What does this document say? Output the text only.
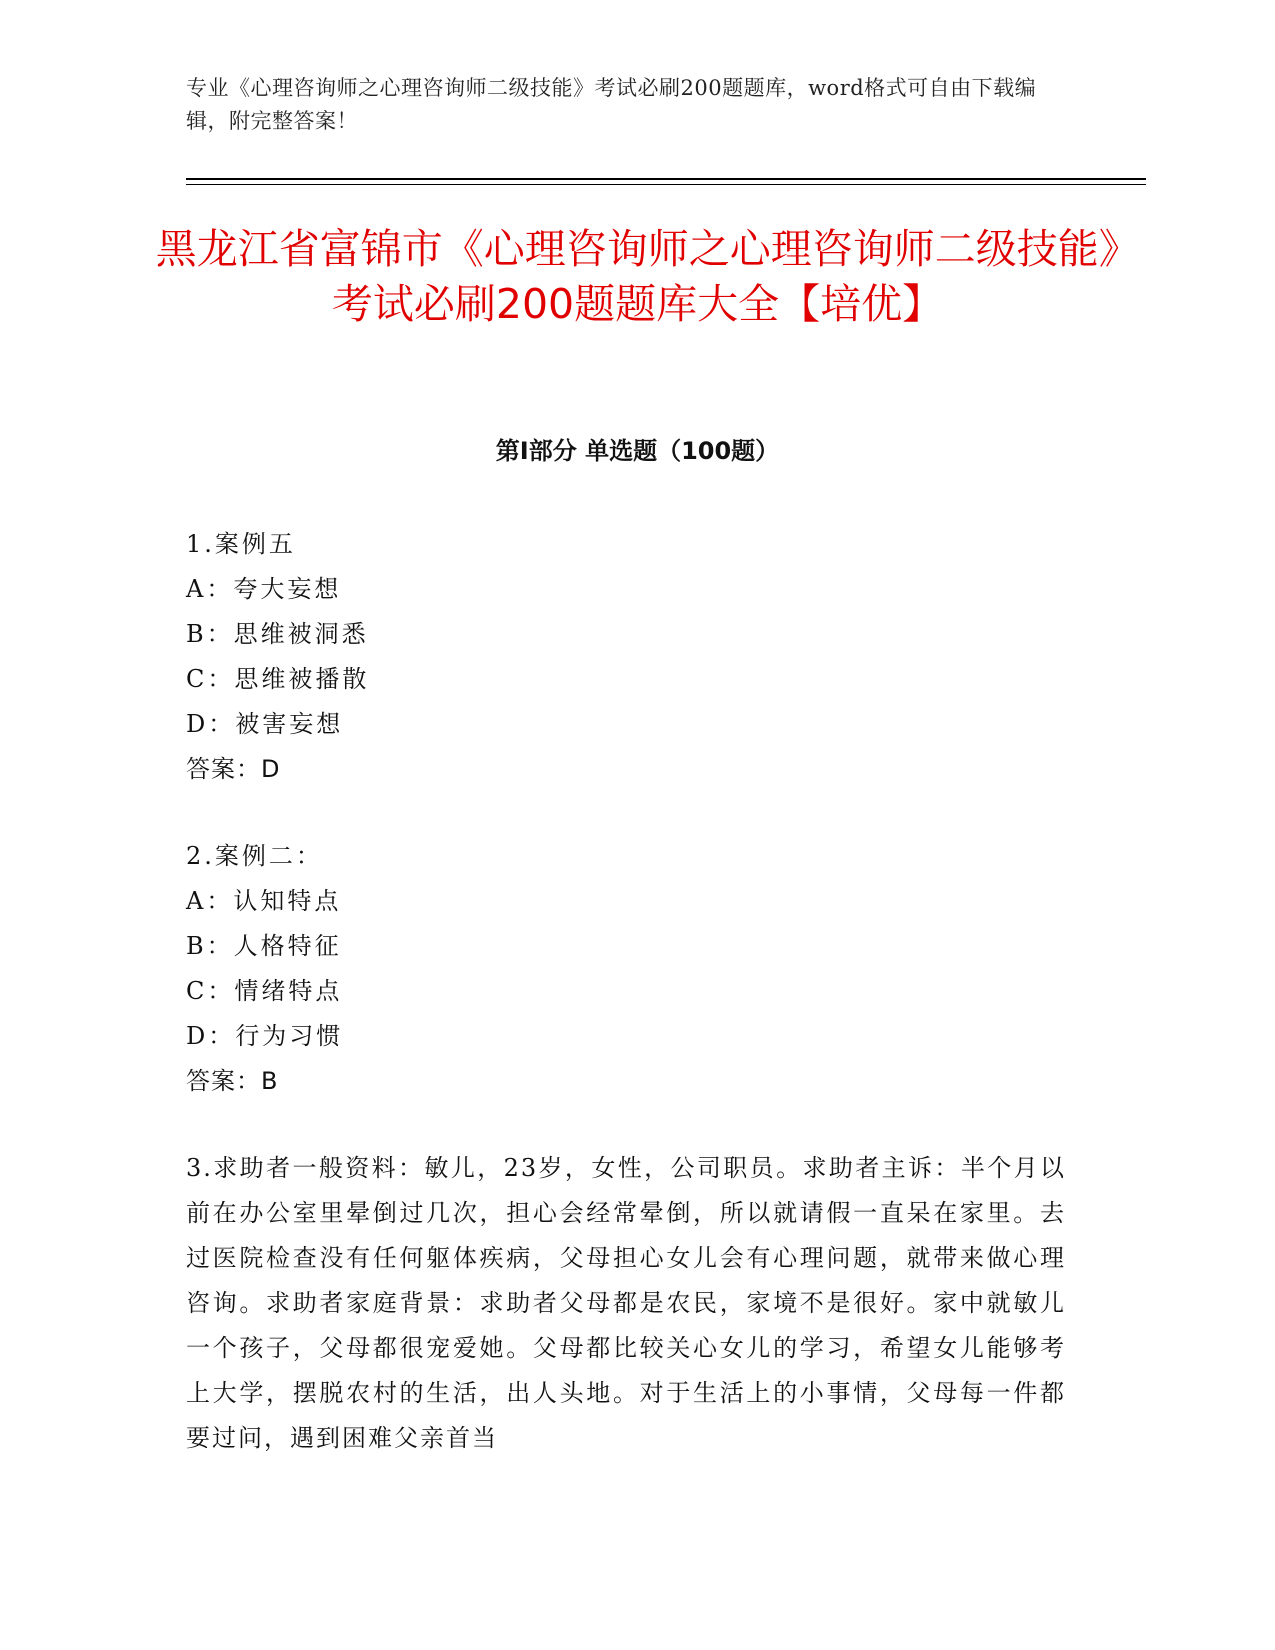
专业《心理咨询师之心理咨询师二级技能》考试必刷200题题库，word格式可自由下载编辑，附完整答案！
黑龙江省富锦市《心理咨询师之心理咨询师二级技能》考试必刷200题题库大全【培优】
第I部分 单选题（100题）
1.案例五
A：夸大妄想
B：思维被洞悉
C：思维被播散
D：被害妄想
答案：D
2.案例二：
A：认知特点
B：人格特征
C：情绪特点
D：行为习惯
答案：B
3.求助者一般资料：敏儿，23岁，女性，公司职员。求助者主诉：半个月以前在办公室里晕倒过几次，担心会经常晕倒，所以就请假一直呆在家里。去过医院检查没有任何躯体疾病，父母担心女儿会有心理问题，就带来做心理咨询。求助者家庭背景：求助者父母都是农民，家境不是很好。家中就敏儿一个孩子，父母都很宠爱她。父母都比较关心女儿的学习，希望女儿能够考上大学，摆脱农村的生活，出人头地。对于生活上的小事情，父母每一件都要过问，遇到困难父亲首当
